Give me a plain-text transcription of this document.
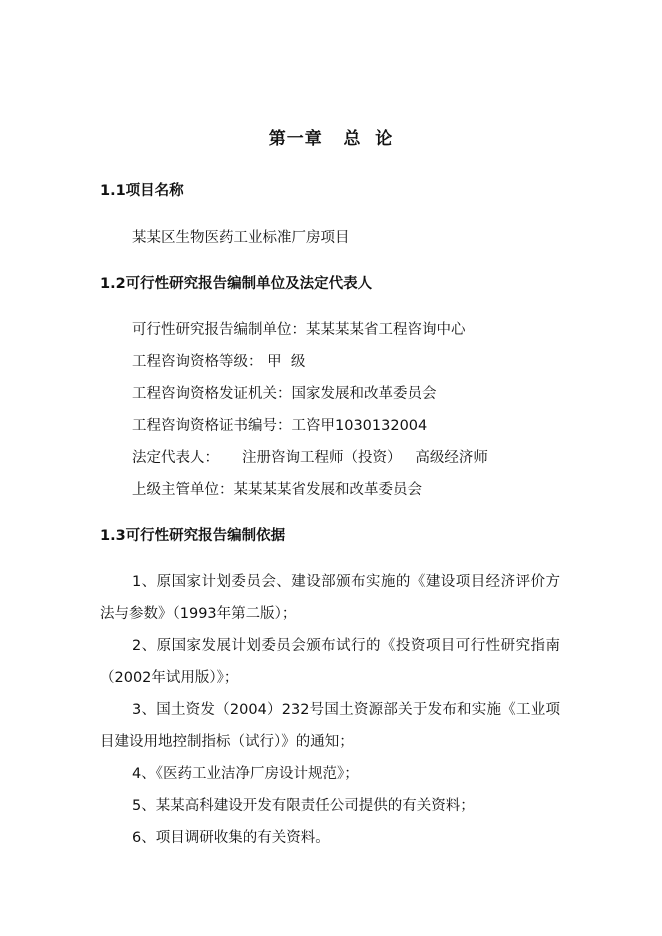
第一章   总  论
1.1项目名称
某某区生物医药工业标准厂房项目
1.2可行性研究报告编制单位及法定代表人
可行性研究报告编制单位：某某某某省工程咨询中心
工程咨询资格等级： 甲  级
工程咨询资格发证机关：国家发展和改革委员会
工程咨询资格证书编号：工咨甲1030132004
法定代表人：     注册咨询工程师（投资）   高级经济师
上级主管单位：某某某某省发展和改革委员会
1.3可行性研究报告编制依据
1、原国家计划委员会、建设部颁布实施的《建设项目经济评价方
法与参数》（1993年第二版）；
2、原国家发展计划委员会颁布试行的《投资项目可行性研究指南
（2002年试用版）》；
3、国土资发（2004）232号国土资源部关于发布和实施《工业项
目建设用地控制指标（试行）》的通知；
4、《医药工业洁净厂房设计规范》；
5、某某高科建设开发有限责任公司提供的有关资料；
6、项目调研收集的有关资料。
